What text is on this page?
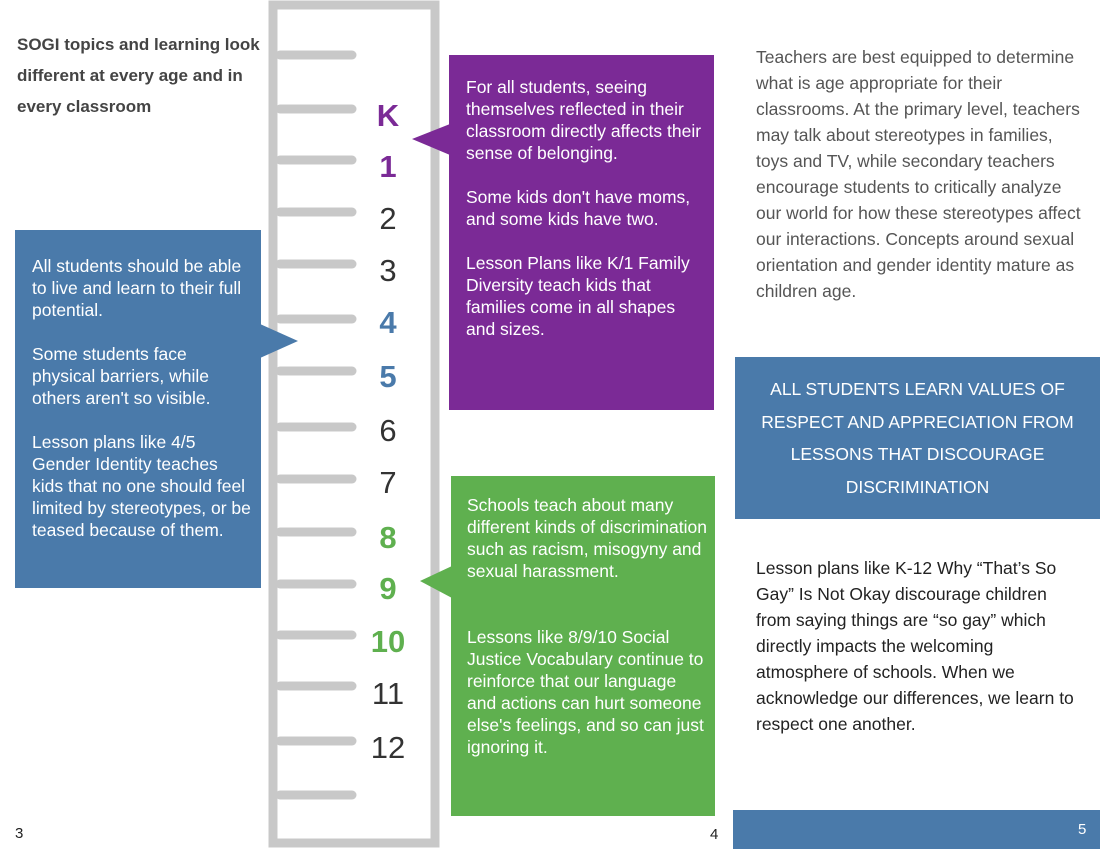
SOGI topics and learning look different at every age and in every classroom	K
1
2
3
4
5
6
7
8
9
10
11
12

All students should be able to live and learn to their full potential.

Some students face physical barriers, while others aren't so visible.

Lesson plans like 4/5 Gender Identity teaches kids that no one should feel limited by stereotypes, or be teased because of them.

For all students, seeing themselves reflected in their classroom directly affects their sense of belonging.

Some kids don't have moms, and some kids have two.

Lesson Plans like K/1 Family Diversity teach kids that families come in all shapes and sizes.

Schools teach about many different kinds of discrimination such as racism, misogyny and sexual harassment.

Lessons like 8/9/10 Social Justice Vocabulary continue to reinforce that our language and actions can hurt someone else's feelings, and so can just ignoring it.

Teachers are best equipped to determine what is age appropriate for their classrooms. At the primary level, teachers may talk about stereotypes in families, toys and TV, while secondary teachers encourage students to critically analyze our world for how these stereotypes affect our interactions. Concepts around sexual orientation and gender identity mature as children age.
ALL STUDENTS LEARN VALUES OF RESPECT AND APPRECIATION FROM LESSONS THAT DISCOURAGE DISCRIMINATION
Lesson plans like K-12 Why “That’s So Gay” Is Not Okay discourage children from saying things are “so gay” which directly impacts the welcoming atmosphere of schools. When we acknowledge our differences, we learn to respect one another.
3	4	5
